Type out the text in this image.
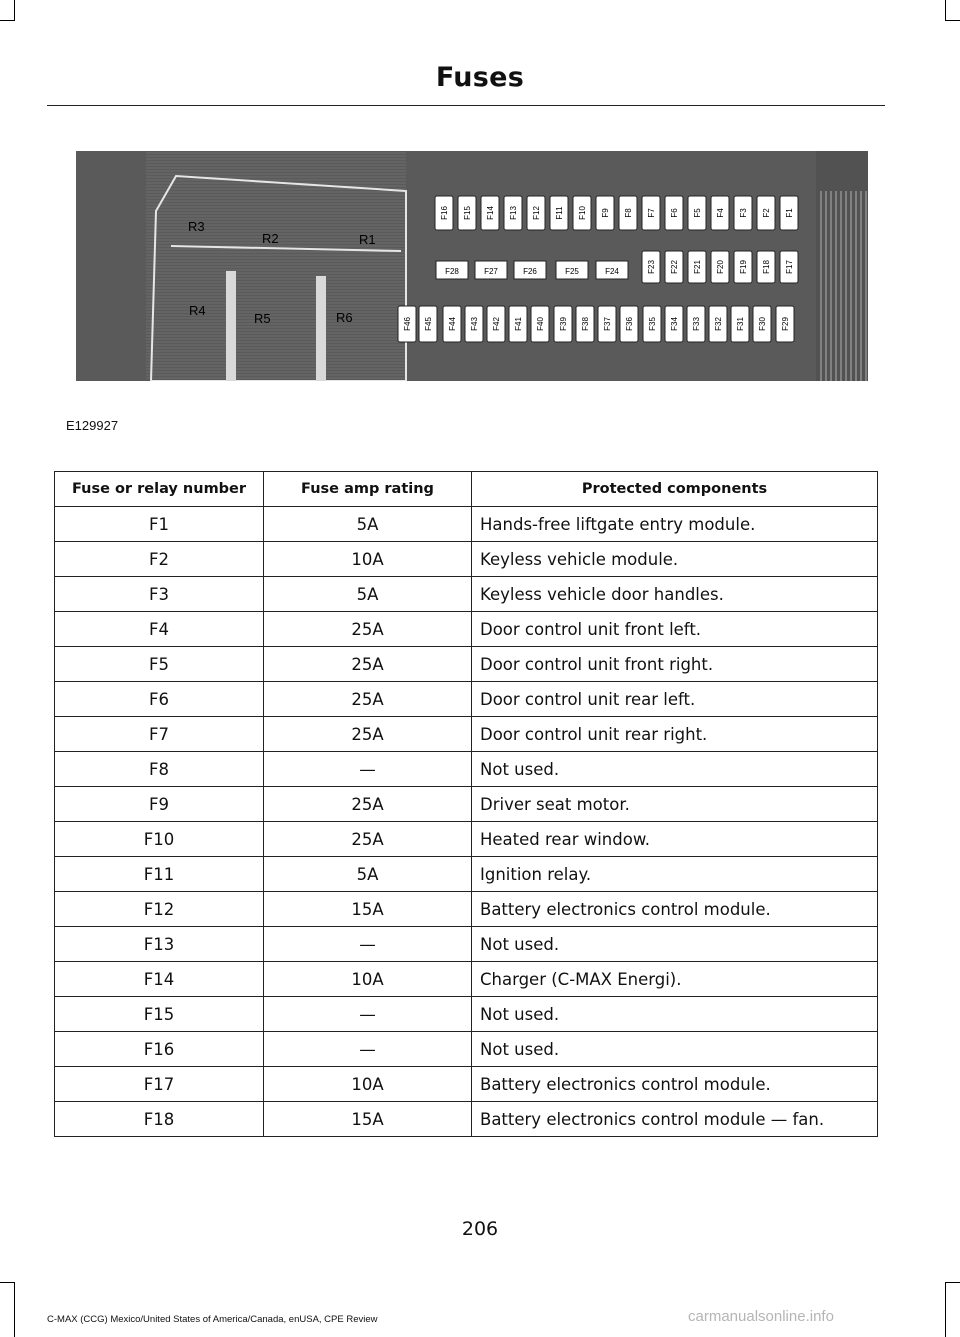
Fuses
R3
R2	R1
R4
R5	R6
F16 F15 F14 F13 F12 F11 F10 F9 F8 F7 F6 F5 F4 F3 F2 F1
F28	F27	F26	F25	F24	F23 F22 F21 F20 F19 F18 F17
F46 F45 F44 F43 F42 F41 F40 F39 F38 F37 F36 F35 F34 F33 F32 F31 F30 F29
E129927
Fuse or relay number	Fuse amp rating	Protected components
F1	5A	Hands-free liftgate entry module.
F2	10A	Keyless vehicle module.
F3	5A	Keyless vehicle door handles.
F4	25A	Door control unit front left.
F5	25A	Door control unit front right.
F6	25A	Door control unit rear left.
F7	25A	Door control unit rear right.
F8	—	Not used.
F9	25A	Driver seat motor.
F10	25A	Heated rear window.
F11	5A	Ignition relay.
F12	15A	Battery electronics control module.
F13	—	Not used.
F14	10A	Charger (C-MAX Energi).
F15	—	Not used.
F16	—	Not used.
F17	10A	Battery electronics control module.
F18	15A	Battery electronics control module — fan.
206
C-MAX (CCG) Mexico/United States of America/Canada, enUSA, CPE Review	carmanualsonline.info
